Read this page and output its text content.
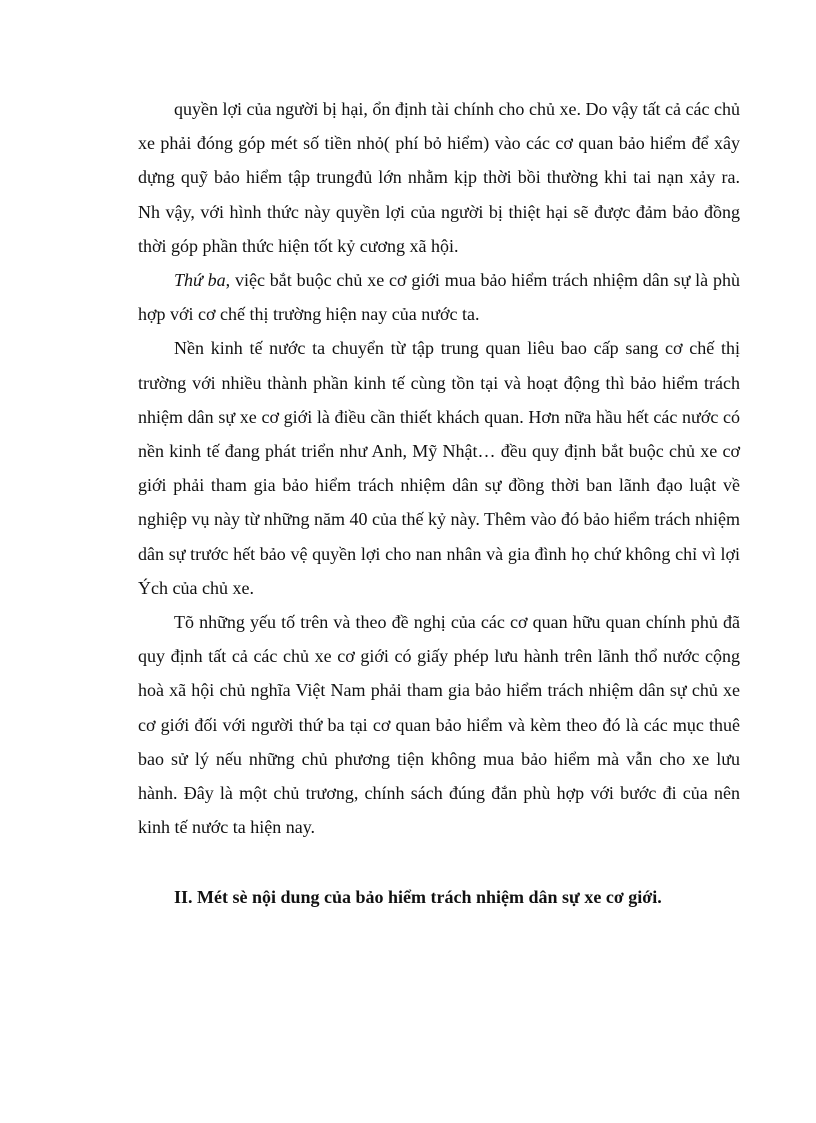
quyền lợi của người bị hại, ổn định tài chính cho chủ xe. Do vậy tất cả các chủ xe phải đóng góp mét số tiền nhỏ( phí bỏ hiểm) vào các cơ quan bảo hiểm để xây dựng quỹ bảo hiểm tập trungđủ lớn nhằm kịp thời bồi thường khi tai nạn xảy ra. Nh vậy, với hình thức này quyền lợi của người bị thiệt hại sẽ được đảm bảo đồng thời góp phần thức hiện tốt kỷ cương xã hội.

Thứ ba, việc bắt buộc chủ xe cơ giới mua bảo hiểm trách nhiệm dân sự là phù hợp với cơ chế thị trường hiện nay của nước ta.

Nền kinh tế nước ta chuyển từ tập trung quan liêu bao cấp sang cơ chế thị trường với nhiều thành phần kinh tế cùng tồn tại và hoạt động thì bảo hiểm trách nhiệm dân sự xe cơ giới là điều cần thiết khách quan. Hơn nữa hầu hết các nước có nền kinh tế đang phát triển như Anh, Mỹ Nhật… đều quy định bắt buộc chủ xe cơ giới phải tham gia bảo hiểm trách nhiệm dân sự đồng thời ban lãnh đạo luật về nghiệp vụ này từ những năm 40 của thế kỷ này. Thêm vào đó bảo hiểm trách nhiệm dân sự trước hết bảo vệ quyền lợi cho nan nhân và gia đình họ chứ không chỉ vì lợi Ých của chủ xe.

Tõ những yếu tố trên và theo đề nghị của các cơ quan hữu quan chính phủ đã quy định tất cả các chủ xe cơ giới có giấy phép lưu hành trên lãnh thổ nước cộng hoà xã hội chủ nghĩa Việt Nam phải tham gia bảo hiểm trách nhiệm dân sự chủ xe cơ giới đối với người thứ ba tại cơ quan bảo hiểm và kèm theo đó là các mục thuê bao sử lý nếu những chủ phương tiện không mua bảo hiểm mà vẫn cho xe lưu hành. Đây là một chủ trương, chính sách đúng đắn phù hợp với bước đi của nên kinh tế nước ta hiện nay.

II. Mét sè nội dung của bảo hiểm trách nhiệm dân sự xe cơ giới.
